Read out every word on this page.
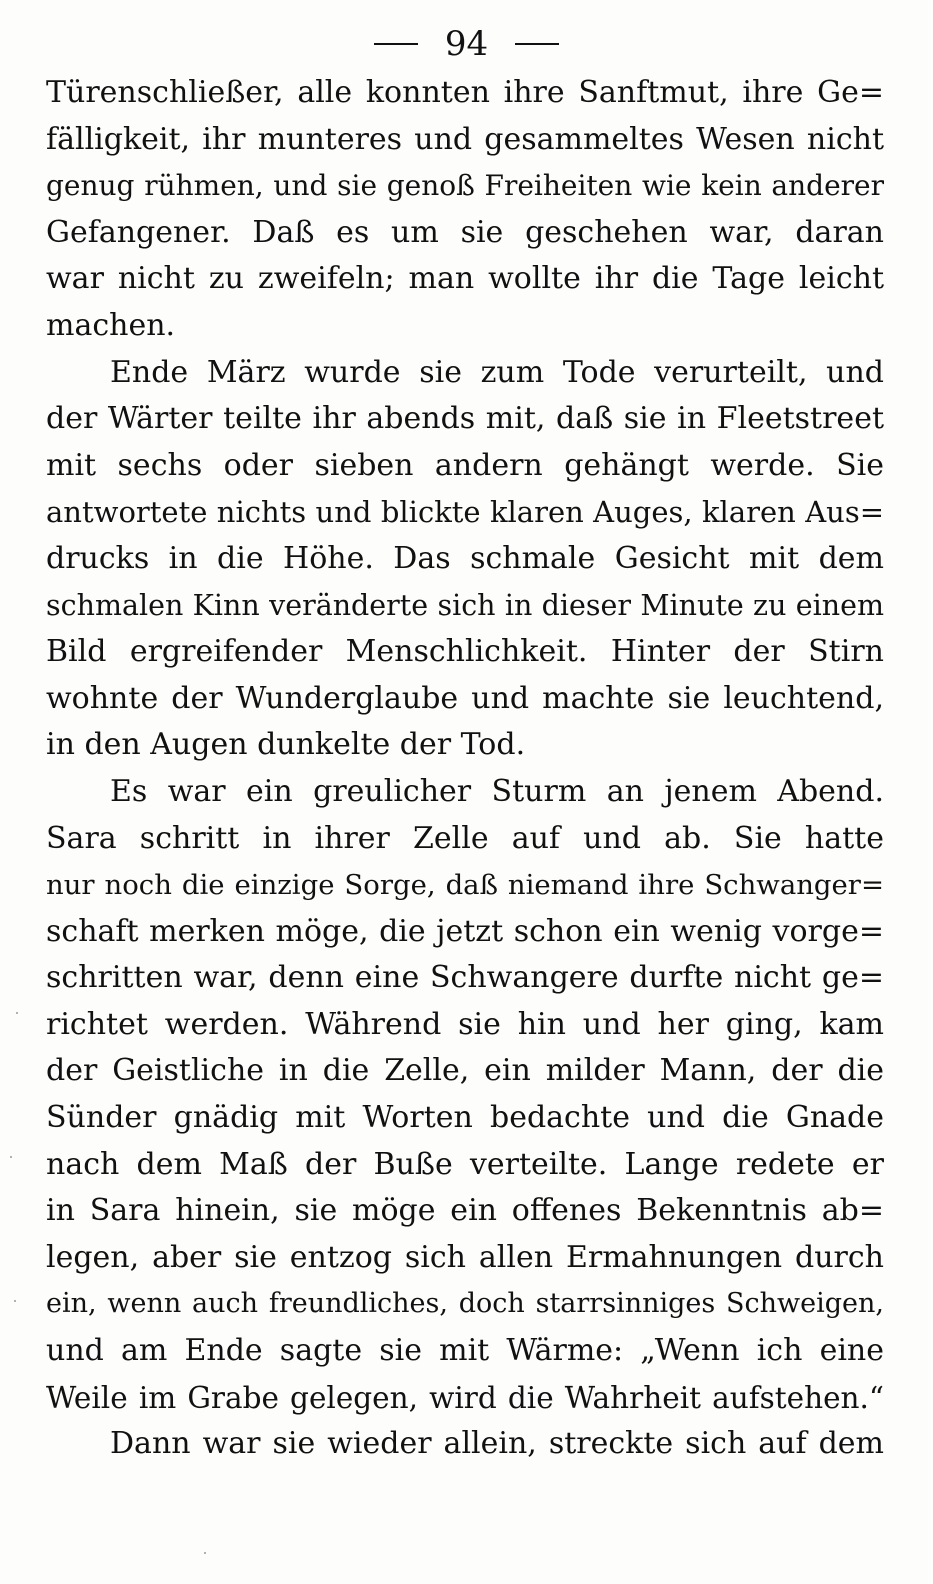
94
Türenschließer, alle konnten ihre Sanftmut, ihre Ge=
fälligkeit, ihr munteres und gesammeltes Wesen nicht
genug rühmen, und sie genoß Freiheiten wie kein anderer
Gefangener. Daß es um sie geschehen war, daran
war nicht zu zweifeln; man wollte ihr die Tage leicht
machen.
Ende März wurde sie zum Tode verurteilt, und
der Wärter teilte ihr abends mit, daß sie in Fleetstreet
mit sechs oder sieben andern gehängt werde. Sie
antwortete nichts und blickte klaren Auges, klaren Aus=
drucks in die Höhe. Das schmale Gesicht mit dem
schmalen Kinn veränderte sich in dieser Minute zu einem
Bild ergreifender Menschlichkeit. Hinter der Stirn
wohnte der Wunderglaube und machte sie leuchtend,
in den Augen dunkelte der Tod.
Es war ein greulicher Sturm an jenem Abend.
Sara schritt in ihrer Zelle auf und ab. Sie hatte
nur noch die einzige Sorge, daß niemand ihre Schwanger=
schaft merken möge, die jetzt schon ein wenig vorge=
schritten war, denn eine Schwangere durfte nicht ge=
richtet werden. Während sie hin und her ging, kam
der Geistliche in die Zelle, ein milder Mann, der die
Sünder gnädig mit Worten bedachte und die Gnade
nach dem Maß der Buße verteilte. Lange redete er
in Sara hinein, sie möge ein offenes Bekenntnis ab=
legen, aber sie entzog sich allen Ermahnungen durch
ein, wenn auch freundliches, doch starrsinniges Schweigen,
und am Ende sagte sie mit Wärme: „Wenn ich eine
Weile im Grabe gelegen, wird die Wahrheit aufstehen.“
Dann war sie wieder allein, streckte sich auf dem
